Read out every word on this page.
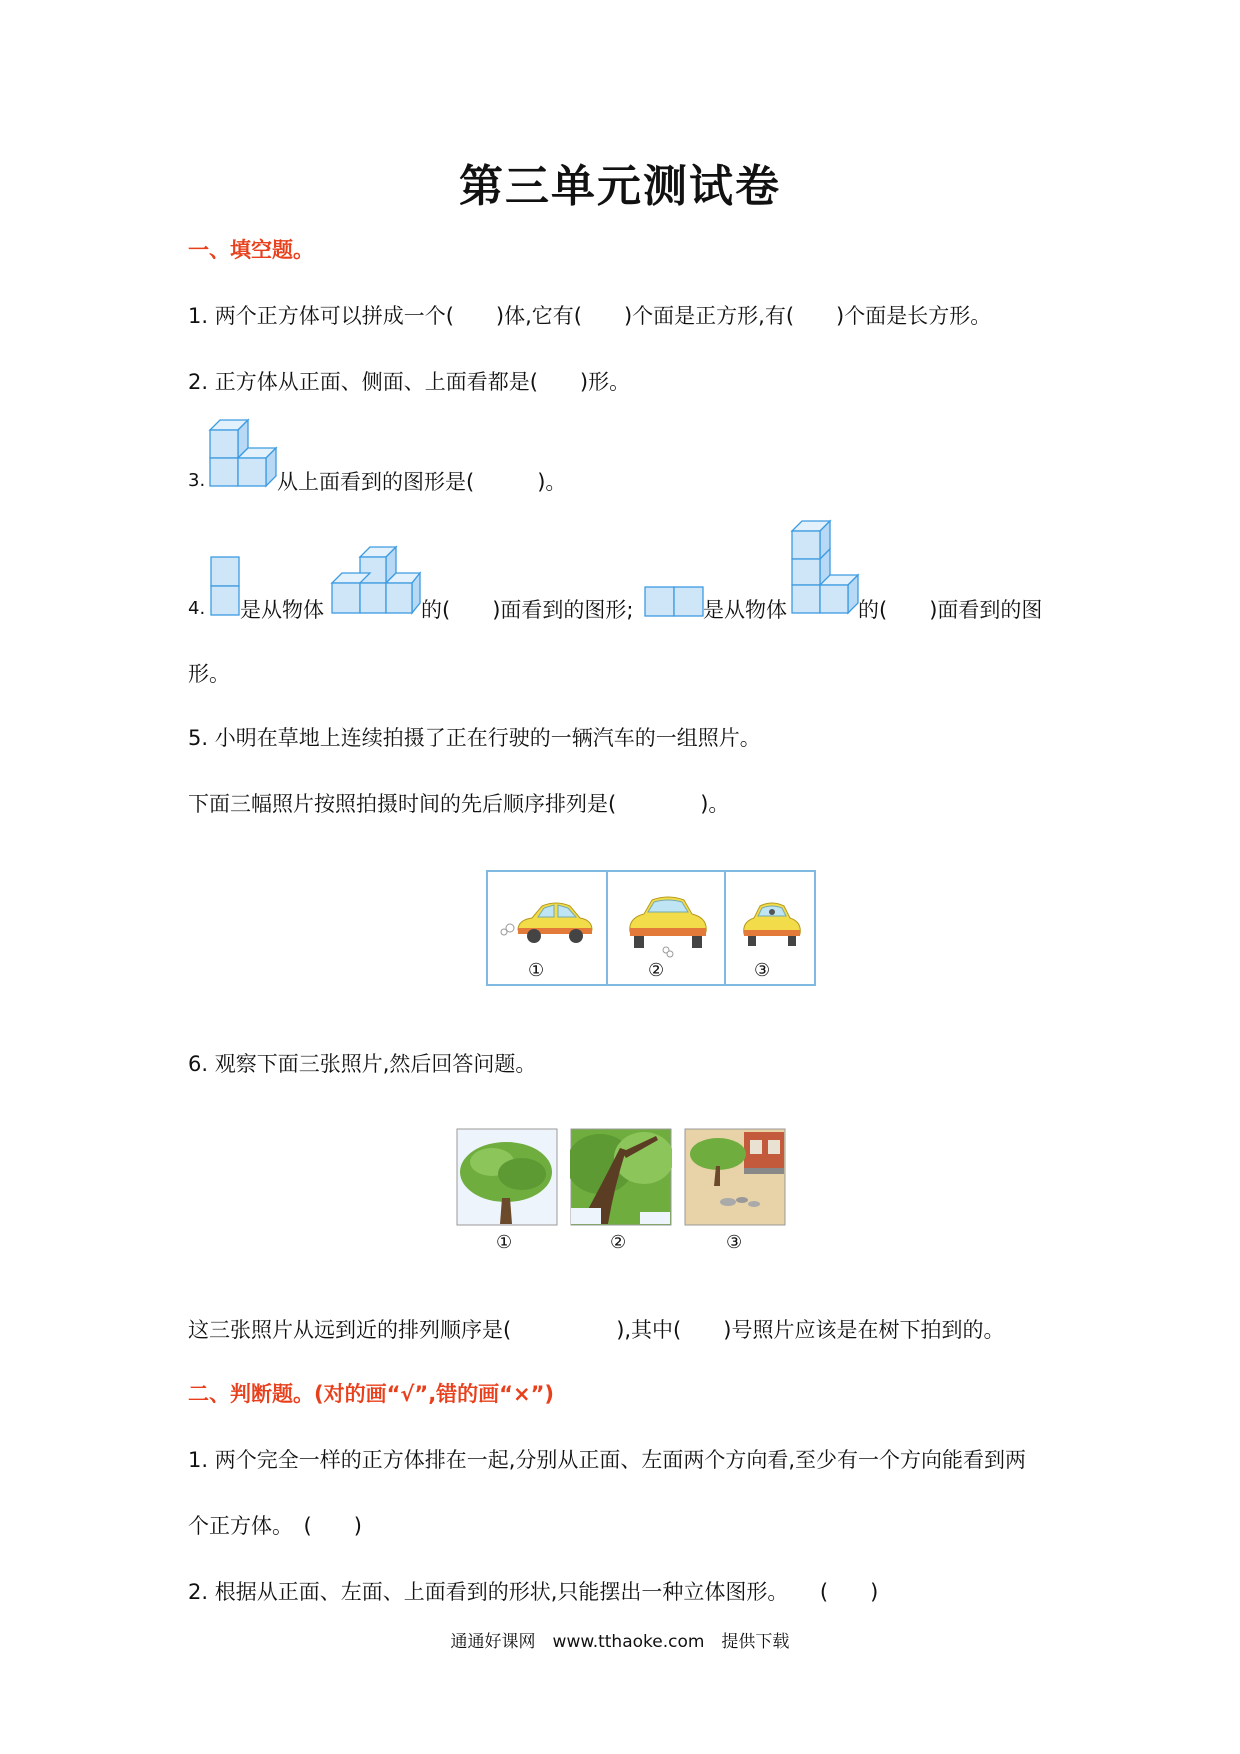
第三单元测试卷
一、填空题。
1. 两个正方体可以拼成一个(　　)体,它有(　　)个面是正方形,有(　　)个面是长方形。
2. 正方体从正面、侧面、上面看都是(　　)形。
3.	从上面看到的图形是(　　　)。
4. 是从物体	的(　　)面看到的图形;	是从物体	的(　　)面看到的图
形。
5. 小明在草地上连续拍摄了正在行驶的一辆汽车的一组照片。
下面三幅照片按照拍摄时间的先后顺序排列是(　　　　)。
①	②	③
6. 观察下面三张照片,然后回答问题。
①	②	③
这三张照片从远到近的排列顺序是(　　　　　),其中(　　)号照片应该是在树下拍到的。
二、判断题。(对的画“√”,错的画“×”)
1. 两个完全一样的正方体排在一起,分别从正面、左面两个方向看,至少有一个方向能看到两
个正方体。　(　　)
2. 根据从正面、左面、上面看到的形状,只能摆出一种立体图形。　　(　　)
通通好课网　www.tthaoke.com　提供下载
